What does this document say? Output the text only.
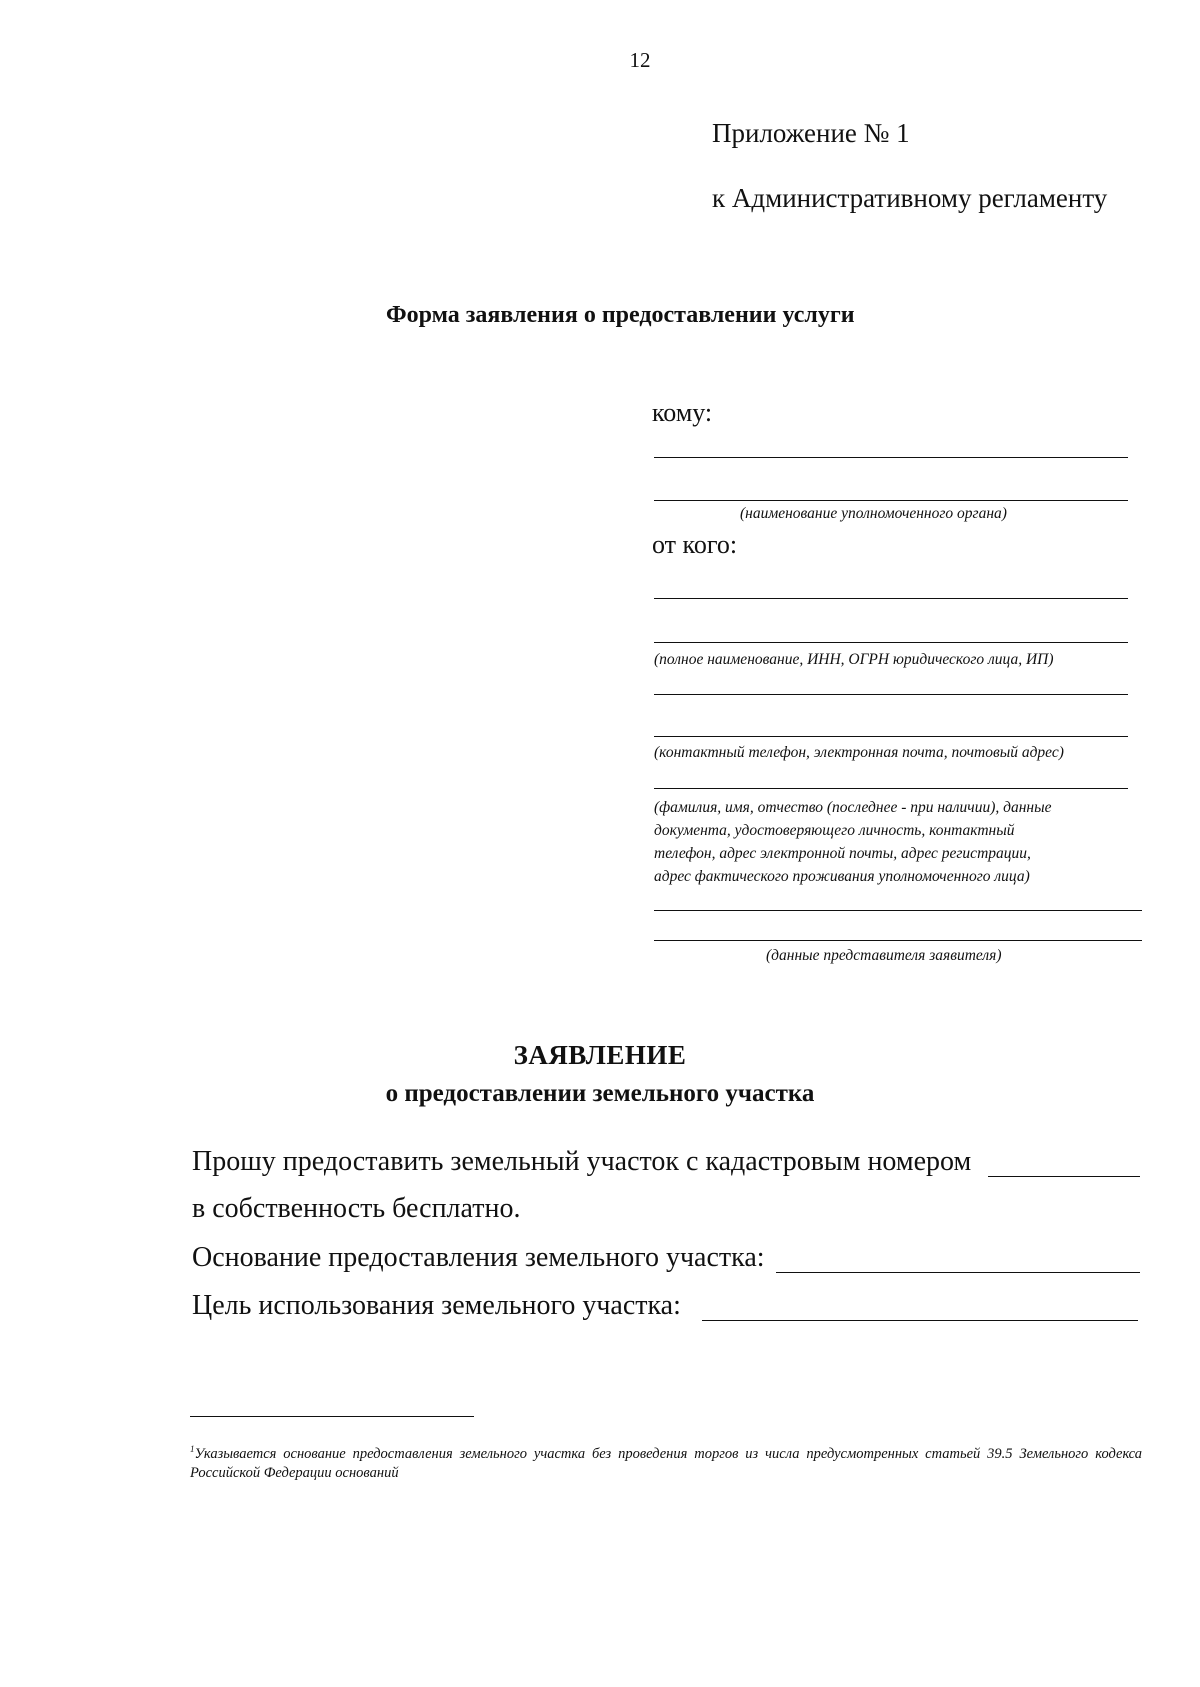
12
Приложение № 1
к Административному регламенту
Форма заявления о предоставлении услуги
кому:
(наименование уполномоченного органа)
от кого:
(полное наименование, ИНН, ОГРН юридического лица, ИП)
(контактный телефон, электронная почта, почтовый адрес)
(фамилия, имя, отчество (последнее - при наличии), данные
документа, удостоверяющего личность, контактный
телефон, адрес электронной почты, адрес регистрации,
адрес фактического проживания уполномоченного лица)
(данные представителя заявителя)
ЗАЯВЛЕНИЕ
о предоставлении земельного участка
Прошу предоставить земельный участок с кадастровым номером
в собственность бесплатно.
Основание предоставления земельного участка:
Цель использования земельного участка:
$^1$Указывается основание предоставления земельного участка без проведения торгов из числа предусмотренных статьей 39.5 Земельного кодекса Российской Федерации оснований
